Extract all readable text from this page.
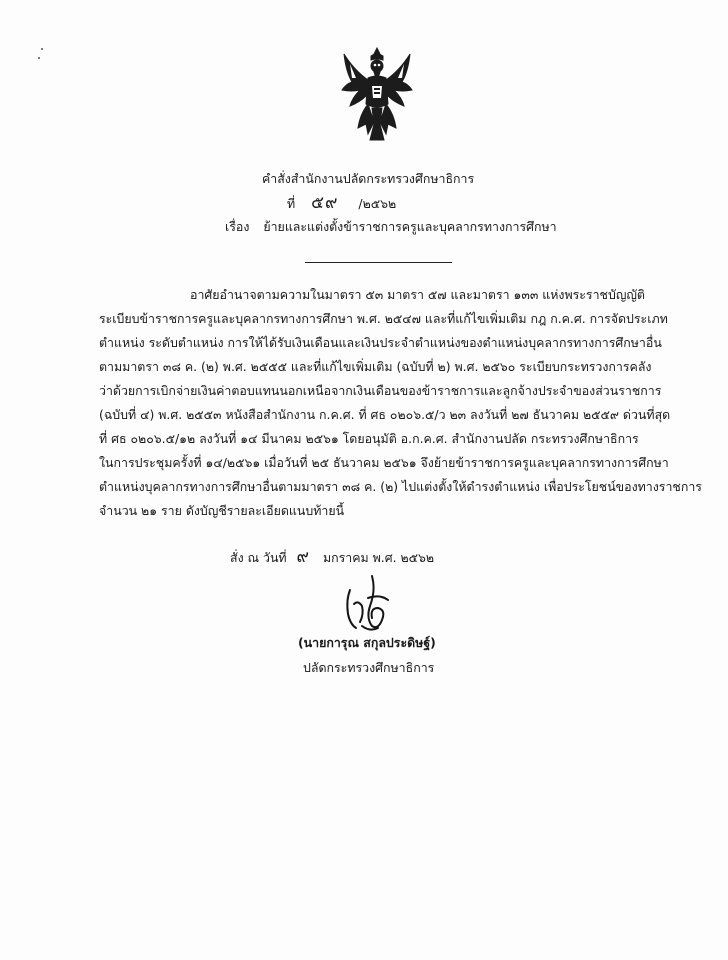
คำสั่งสำนักงานปลัดกระทรวงศึกษาธิการ
ที่ ๕๙ /๒๕๖๒
เรื่อง ย้ายและแต่งตั้งข้าราชการครูและบุคลากรทางการศึกษา
อาศัยอำนาจตามความในมาตรา ๕๓ มาตรา ๕๗ และมาตรา ๑๓๓ แห่งพระราชบัญญัติ
ระเบียบข้าราชการครูและบุคลากรทางการศึกษา พ.ศ. ๒๕๔๗ และที่แก้ไขเพิ่มเติม กฎ ก.ค.ศ. การจัดประเภท
ตำแหน่ง ระดับตำแหน่ง การให้ได้รับเงินเดือนและเงินประจำตำแหน่งของตำแหน่งบุคลากรทางการศึกษาอื่น
ตามมาตรา ๓๘ ค. (๒) พ.ศ. ๒๕๕๕ และที่แก้ไขเพิ่มเติม (ฉบับที่ ๒) พ.ศ. ๒๕๖๐ ระเบียบกระทรวงการคลัง
ว่าด้วยการเบิกจ่ายเงินค่าตอบแทนนอกเหนือจากเงินเดือนของข้าราชการและลูกจ้างประจำของส่วนราชการ
(ฉบับที่ ๔) พ.ศ. ๒๕๕๓ หนังสือสำนักงาน ก.ค.ศ. ที่ ศธ ๐๒๐๖.๕/ว ๒๓ ลงวันที่ ๒๗ ธันวาคม ๒๕๕๙ ด่วนที่สุด
ที่ ศธ ๐๒๐๖.๕/๑๒ ลงวันที่ ๑๔ มีนาคม ๒๕๖๑ โดยอนุมัติ อ.ก.ค.ศ. สำนักงานปลัด กระทรวงศึกษาธิการ
ในการประชุมครั้งที่ ๑๔/๒๕๖๑ เมื่อวันที่ ๒๕ ธันวาคม ๒๕๖๑ จึงย้ายข้าราชการครูและบุคลากรทางการศึกษา
ตำแหน่งบุคลากรทางการศึกษาอื่นตามมาตรา ๓๘ ค. (๒) ไปแต่งตั้งให้ดำรงตำแหน่ง เพื่อประโยชน์ของทางราชการ
จำนวน ๒๑ ราย ดังบัญชีรายละเอียดแนบท้ายนี้
สั่ง ณ วันที่ ๙ มกราคม พ.ศ. ๒๕๖๒
(นายการุณ สกุลประดิษฐ์)
ปลัดกระทรวงศึกษาธิการ
